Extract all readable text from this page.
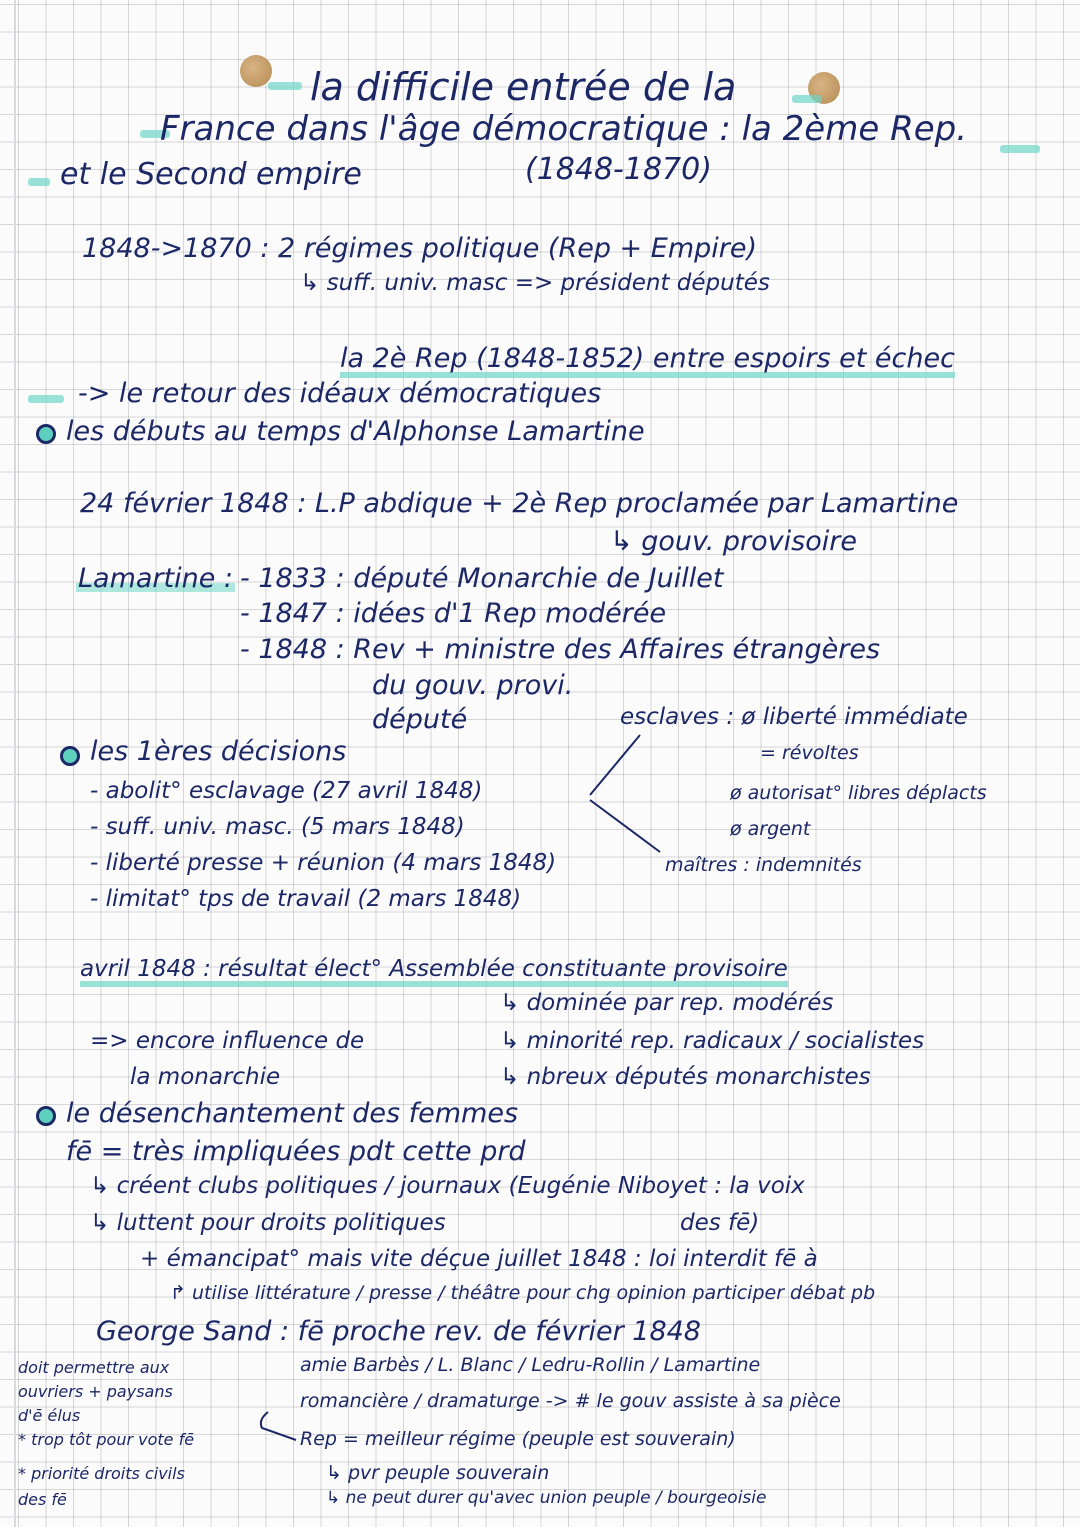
la difficile entrée de la
France dans l'âge démocratique : la 2ème Rep.
et le Second empire	(1848-1870)
1848->1870 : 2 régimes politique (Rep + Empire)
↳ suff. univ. masc => président députés
la 2è Rep (1848-1852) entre espoirs et échec
-> le retour des idéaux démocratiques
les débuts au temps d'Alphonse Lamartine
24 février 1848 : L.P abdique + 2è Rep proclamée par Lamartine
↳ gouv. provisoire
Lamartine : - 1833 : député Monarchie de Juillet
- 1847 : idées d'1 Rep modérée
- 1848 : Rev + ministre des Affaires étrangères
du gouv. provi.
député
les 1ères décisions
- abolit° esclavage (27 avril 1848)
- suff. univ. masc. (5 mars 1848)
- liberté presse + réunion (4 mars 1848)
- limitat° tps de travail (2 mars 1848)
esclaves : ø liberté immédiate
= révoltes
ø autorisat° libres déplacts
ø argent
maîtres : indemnités
avril 1848 : résultat élect° Assemblée constituante provisoire
↳ dominée par rep. modérés
↳ minorité rep. radicaux / socialistes
↳ nbreux députés monarchistes
=> encore influence de
la monarchie
le désenchantement des femmes
fē = très impliquées pdt cette prd
↳ créent clubs politiques / journaux (Eugénie Niboyet : la voix
↳ luttent pour droits politiques	des fē)
+ émancipat° mais vite déçue juillet 1848 : loi interdit fē à
↱ utilise littérature / presse / théâtre pour chg opinion participer débat pb
George Sand : fē proche rev. de février 1848
amie Barbès / L. Blanc / Ledru-Rollin / Lamartine
romancière / dramaturge -> # le gouv assiste à sa pièce
Rep = meilleur régime (peuple est souverain)
↳ pvr peuple souverain
↳ ne peut durer qu'avec union peuple / bourgeoisie
doit permettre aux
ouvriers + paysans
d'ē élus
* trop tôt pour vote fē
* priorité droits civils
des fē
